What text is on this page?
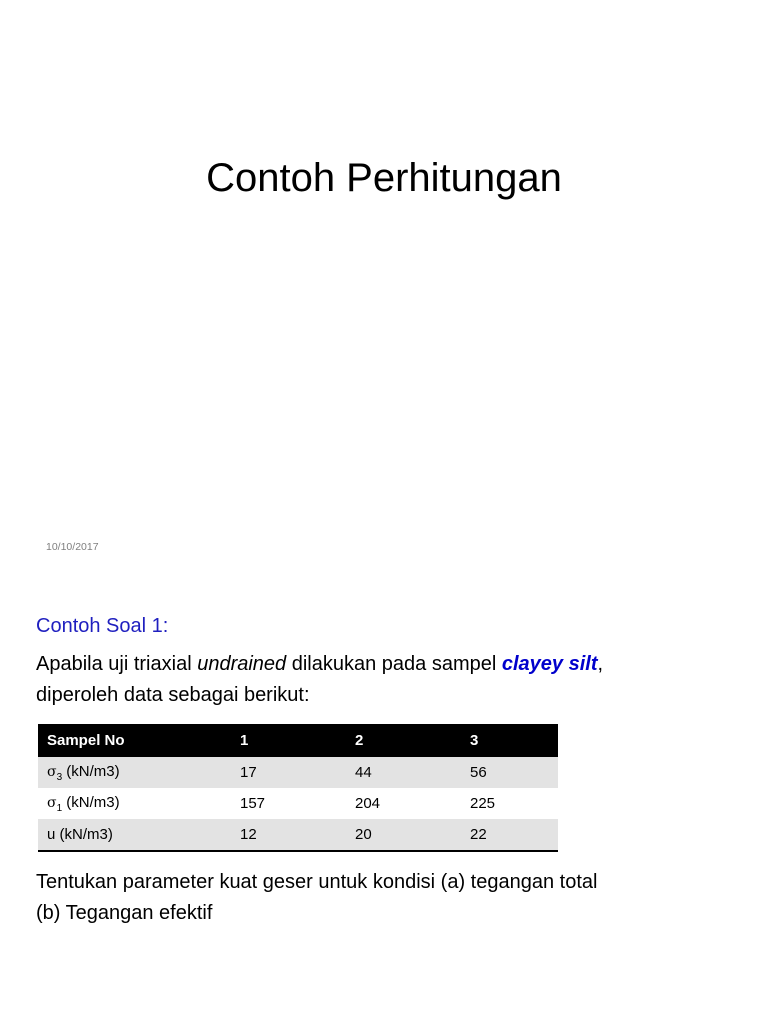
Contoh Perhitungan
10/10/2017
Contoh Soal 1:
Apabila uji triaxial undrained dilakukan pada sampel clayey silt,
diperoleh data sebagai berikut:
Sampel No	1	2	3
$\sigma_3$ (kN/m3)	17	44	56
$\sigma_1$ (kN/m3)	157	204	225
u (kN/m3)	12	20	22
Tentukan parameter kuat geser untuk kondisi (a) tegangan total
(b) Tegangan efektif
